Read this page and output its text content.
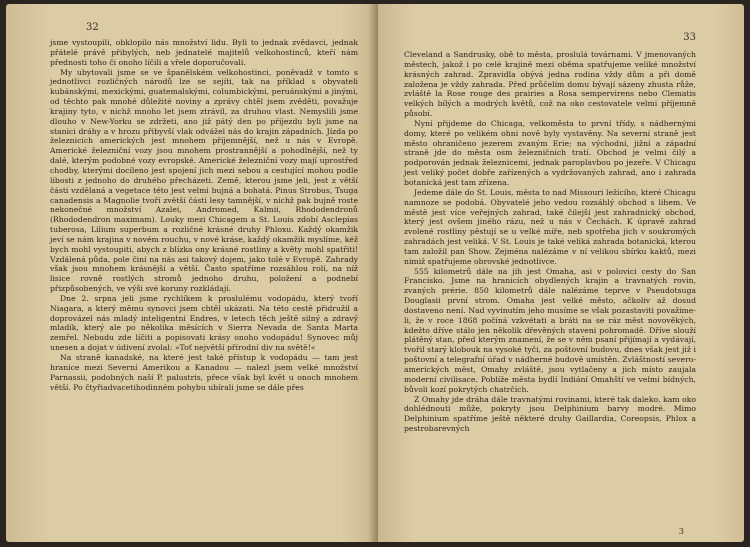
32

jsme vystoupili, obklopilo nás množství lidu. Byli to jednak zvědavci, jednak přátelé právě přibylých, neb jednatelé majitelů velkohostinců, kteří nám přednosti toho či onoho líčili a vřele doporučovali.

My ubytovali jsme se ve španělském velkohostinci, poněvadž v tomto s jednotlivci rozličných národů lze se sejíti, tak na příklad s obyvateli kubánskými, mexickými, guatemalskými, columbickými, peruánskými a jinými, od těchto pak mnohé důležité noviny a zprávy chtěl jsem zvěděti, považuje krajiny tyto, v nichž mnoho let jsem ztrávil, za druhou vlast. Nemyslili jsme dlouho v New-Yorku se zdržeti, ano již pátý den po příjezdu byli jsme na stanici dráhy a v hrozu přibyvší vlak odvážel nás do krajin západních. Jízda po železnicích amerických jest mnohem příjemnější, než u nás v Evropě. Americké železniční vozy jsou mnohem prostrannější a pohodlnější, než ty dalé, kterým podobné vozy evropské. Americké železniční vozy mají uprostřed chodby, kterými docíleno jest spojení jich mezi sebou a cestující mohou podle libosti z jednoho do druhého přecházeti. Země, kterou jsme jeli, jest z větší části vzdělaná a vegetace této jest velmi bujná a bohatá. Pinus Strobus, Tsuga canadensis a Magnolie tvoří zvětší části lesy tamnější, v nichž pak bujně roste nekonečné množství Azalei, Andromed, Kalmii, Rhododendronů (Rhododendron maximam). Louky mezi Chicagem a St. Louis zdobí Asclepias tuberosa, Lilium superbum a rozličné krásné druhy Phloxu. Každý okamžik jeví se nám krajina v novém rouchu, v nové kráse, každý okamžik myslíme, kéž bych mohl vystoupiti, abych z blízka ony krásné rostliny a květy mohl spatřiti! Vzdálená půda, pole činí na nás asi takový dojem, jako tolé v Evropě. Zahrady však jsou mnohem krásnější a větší. Často spatříme rozsáhlou rolí, na níž lisice rovně rostlých stromů jednoho druhu, položení a podnebí přizpůsobených, ve výši své koruny rozkládají.

Dne 2. srpna jeli jsme rychlíkem k proslulému vodopádu, který tvoří Niagara, a který měmu synovci jsem chtěl ukázati. Na této cestě přidružil a doprovázel nás mladý inteligentní Endres, v letech těch ještě silný a zdravý mladík, který ale po několika měsících v Sierra Nevada de Santa Marta zemřel. Nebudu zde líčiti a popisovati krásy onoho vodopádu! Synovec můj unesen a dojat v údivení zvolal: »Toť největší přírodní div na světě!«

Na straně kanadské, na které jest také přístup k vodopádu — tam jest hranice mezi Severní Amerikou a Kanadou — nalezl jsem velké množství Parnassii, podobných naší P. palustris, přece však byl květ u onoch mnohem větší. Po čtyřiadvacetihodinném pohybu ubírali jsme se dále přes

33

Cleveland a Sandrusky, obě to města, proslulá továrnami. V jmenovaných městech, jakož i po celé krajině mezi oběma spatřujeme veliké množství krásných zahrad. Zpravidla obývá jedna rodina vždy dům a při domě založena je vždy zahrada. Před průčelím domu bývají sázeny zhusta růže, zvláště la Rose rouge des prairies a Rosa sempervirens nebo Clematis velkých bílých a modrých květů, což na oko cestovatele velmi příjemně působí.

Nyní přijdeme do Chicaga, velkoměsta to první třídy, s nádhernými domy, které po velikém ohni nově byly vystavěny. Na severní straně jest město ohraničeno jezerem zvaným Erie; na východní, jižní a západní straně jde do města osm železničních tratí. Obchod je velmi čilý a podporován jednak železnicemi, jednak paroplavbou po jezeře. V Chicagu jest veliký počet dobře zařízených a vydržovaných zahrad, ano i zahrada botanická jest tam zřízena.

Jedeme dále do St. Louis, města to nad Missouri ležícího, které Chicagu namnoze se podobá. Obyvatelé jeho vedou rozsáhlý obchod s lihem. Ve městě jest více veřejných zahrad, také čilejší jest zahradnický obchod, který jest ovšem jiného rázu, než u nás v Čechách. K úpravě zahrad zvolené rostliny pěstují se u velké míře, neb spotřeba jich v soukromých zahradách jest veliká. V St. Louis je také veliká zahrada botanická, kterou tam založil pan Show. Zejména nalézáme v ní velikou sbírku kaktů, mezi nimiž spatřujeme obrovské jednotlivce.

555 kilometrů dále na jih jest Omaha, asi v polovici cesty do San Francisko. Jsme na hranicích obydlených krajin a travnatých rovin, zvaných prérie. 850 kilometrů dále nalézáme teprve v Pseudotsuga Douglasii první strom. Omaha jest velké město, ačkoliv až dosud dostaveno není. Nad vyvinutím jeho musíme se však pozastaviti považime-li, že v roce 1868 počíná vzkvétati a bráti na se ráz měst novověkých, kdežto dříve stálo jen několik dřevěných staveni pohromadě. Dříve slouží plátěný stan, před kterým znamení, že se v něm psaní přijímají a vydávají, tvořil starý klobouk na vysoké tyči, za poštovní budovu, dnes však jest již i poštovní a telegrafní úřad v nádherné budově umístěn. Zvláštností severo-amerických měst, Omahy zvláště, jsou vytlačeny a jich místo zaujala moderní civilisace. Poblíže města bydlí Indiání Omahští ve velmi bídných, bůvoli kozí pokrytých chatrčích.

Z Omahy jde dráha dále travnatými rovinami, které tak daleko, kam oko dohlédnouti může, pokryty jsou Delphinium barvy modré. Mimo Delphinium spatříme ještě některé druhy Gaillardia, Coreopsis, Phlox a pestrobarevných

3
